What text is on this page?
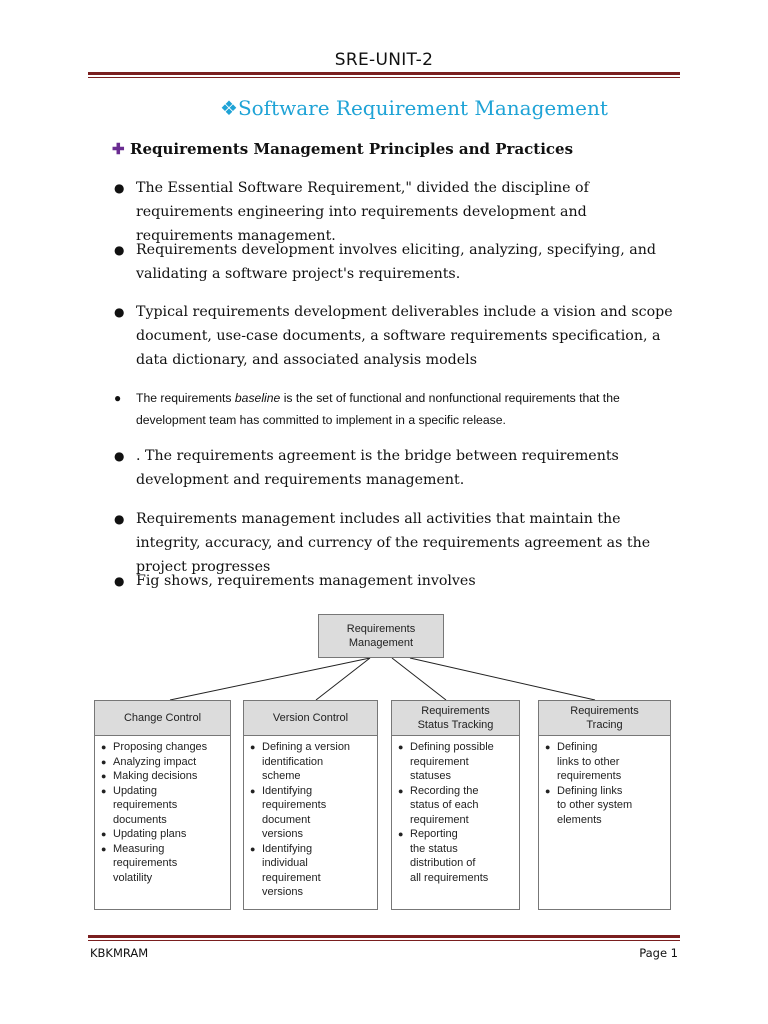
SRE-UNIT-2
❖Software Requirement Management
✚ Requirements Management Principles and Practices
● The Essential Software Requirement," divided the discipline of requirements engineering into requirements development and requirements management.
● Requirements development involves eliciting, analyzing, specifying, and validating a software project's requirements.
● Typical requirements development deliverables include a vision and scope document, use-case documents, a software requirements specification, a data dictionary, and associated analysis models
● The requirements baseline is the set of functional and nonfunctional requirements that the development team has committed to implement in a specific release.
● . The requirements agreement is the bridge between requirements development and requirements management.
● Requirements management includes all activities that maintain the integrity, accuracy, and currency of the requirements agreement as the project progresses
● Fig shows, requirements management involves
Requirements
Management
Change Control
● Proposing changes
● Analyzing impact
● Making decisions
● Updating
requirements
documents
● Updating plans
● Measuring
requirements
volatility
Version Control
● Defining a version
identification
scheme
● Identifying
requirements
document
versions
● Identifying
individual
requirement
versions
Requirements
Status Tracking
● Defining possible
requirement
statuses
● Recording the
status of each
requirement
● Reporting
the status
distribution of
all requirements
Requirements
Tracing
● Defining
links to other
requirements
● Defining links
to other system
elements
KBKMRAM	Page 1
